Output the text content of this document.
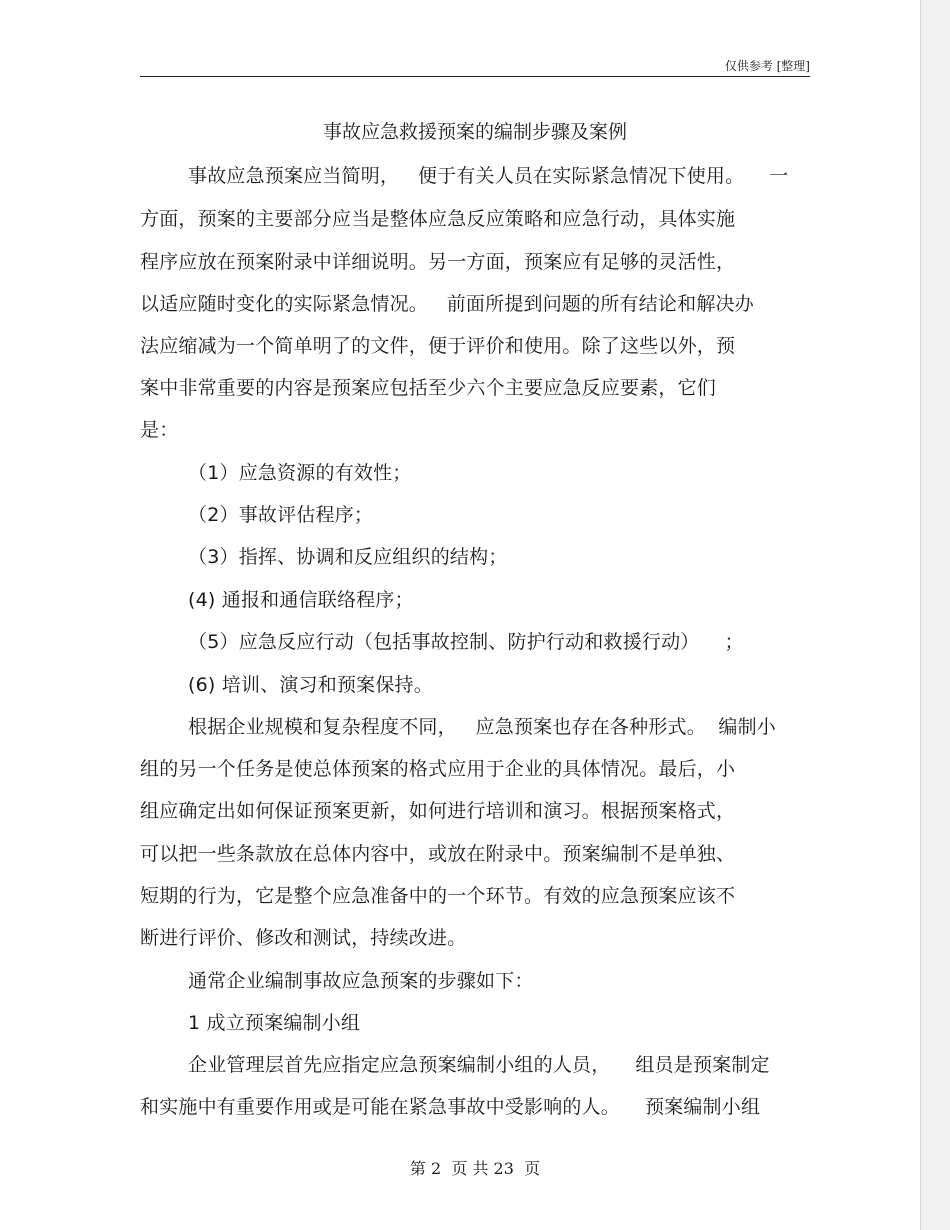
仅供参考 [整理]
事故应急救援预案的编制步骤及案例
事故应急预案应当简明，   便于有关人员在实际紧急情况下使用。    一
方面，预案的主要部分应当是整体应急反应策略和应急行动，具体实施
程序应放在预案附录中详细说明。另一方面，预案应有足够的灵活性，
以适应随时变化的实际紧急情况。   前面所提到问题的所有结论和解决办
法应缩减为一个简单明了的文件，便于评价和使用。除了这些以外，预
案中非常重要的内容是预案应包括至少六个主要应急反应要素，它们
是：
（1）应急资源的有效性；
（2）事故评估程序；
（3）指挥、协调和反应组织的结构；
(4) 通报和通信联络程序；
（5）应急反应行动（包括事故控制、防护行动和救援行动）    ；
(6) 培训、演习和预案保持。
根据企业规模和复杂程度不同，   应急预案也存在各种形式。  编制小
组的另一个任务是使总体预案的格式应用于企业的具体情况。最后，小
组应确定出如何保证预案更新，如何进行培训和演习。根据预案格式，
可以把一些条款放在总体内容中，或放在附录中。预案编制不是单独、
短期的行为，它是整个应急准备中的一个环节。有效的应急预案应该不
断进行评价、修改和测试，持续改进。
通常企业编制事故应急预案的步骤如下：
1 成立预案编制小组
企业管理层首先应指定应急预案编制小组的人员，    组员是预案制定
和实施中有重要作用或是可能在紧急事故中受影响的人。    预案编制小组
第 2  页 共 23  页
